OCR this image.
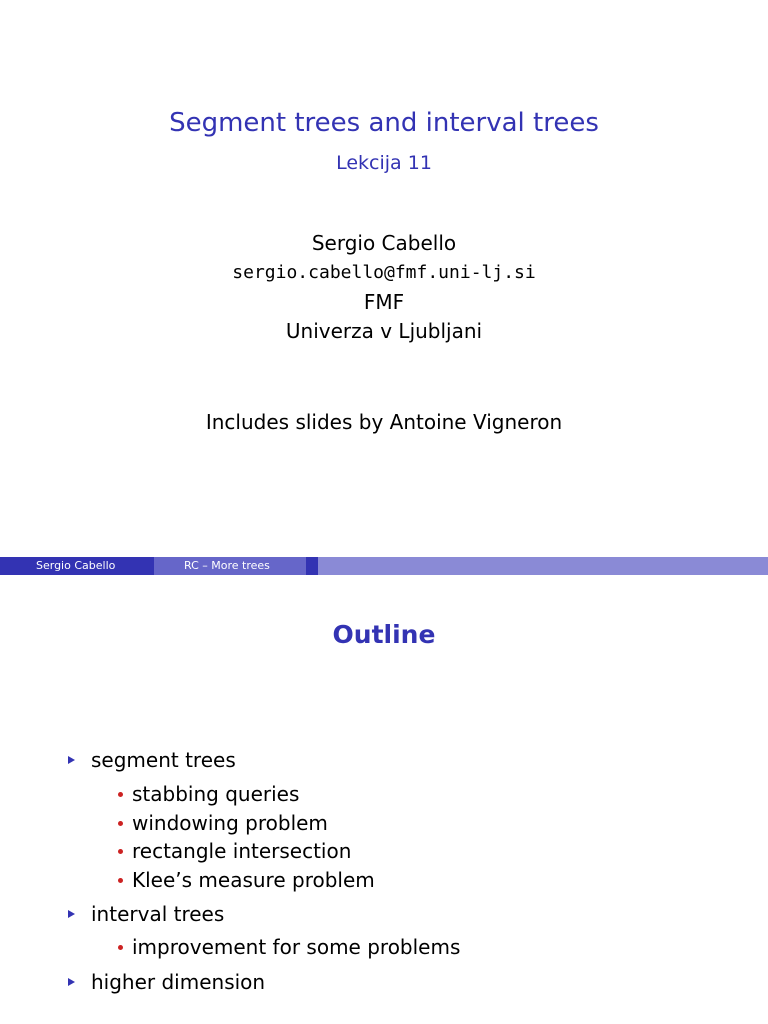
Segment trees and interval trees
Lekcija 11
Sergio Cabello
sergio.cabello@fmf.uni-lj.si
FMF
Univerza v Ljubljani
Includes slides by Antoine Vigneron
Sergio Cabello	RC – More trees
Outline
segment trees
stabbing queries
windowing problem
rectangle intersection
Klee’s measure problem
interval trees
improvement for some problems
higher dimension
